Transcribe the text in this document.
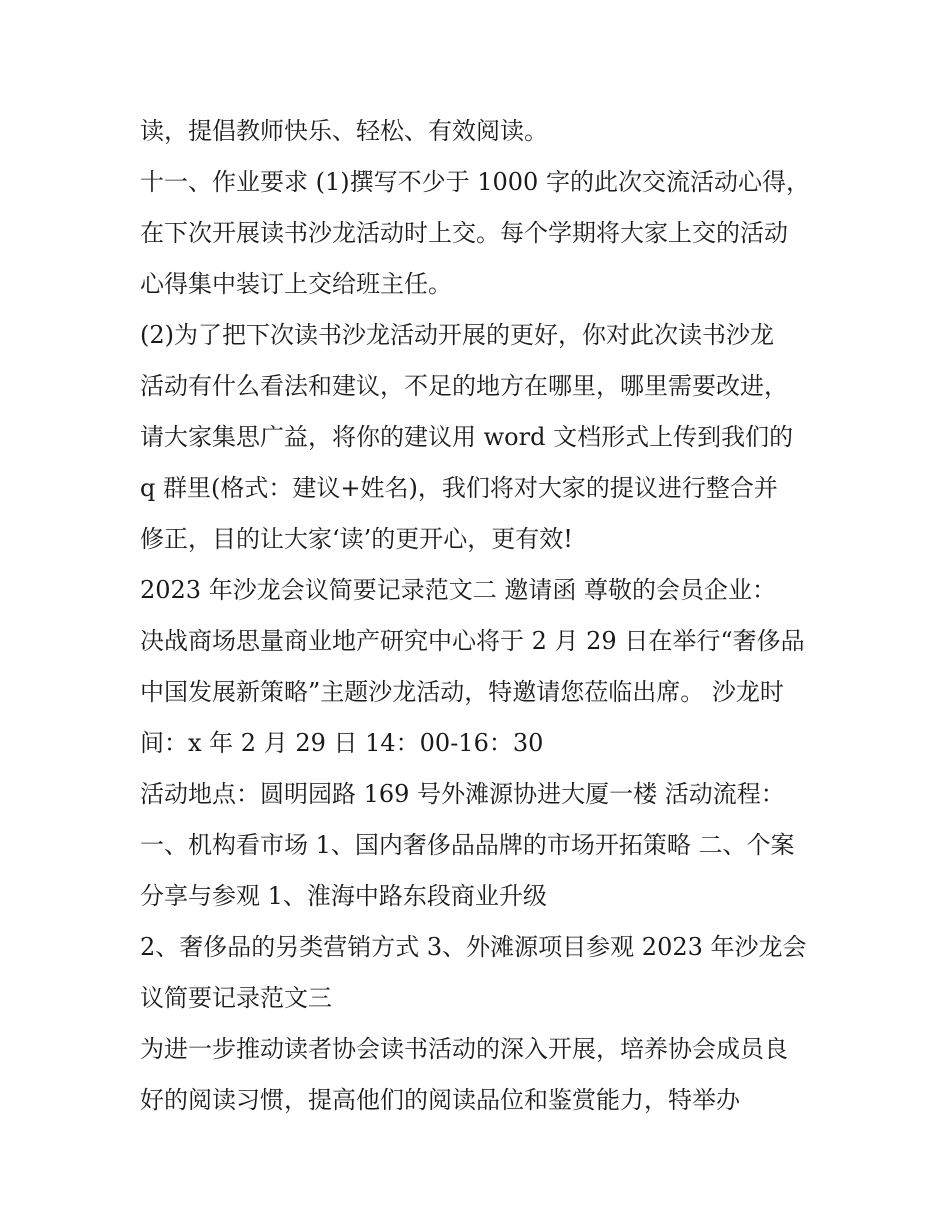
读，提倡教师快乐、轻松、有效阅读。

十一、作业要求 (1)撰写不少于 1000 字的此次交流活动心得，

在下次开展读书沙龙活动时上交。每个学期将大家上交的活动

心得集中装订上交给班主任。

(2)为了把下次读书沙龙活动开展的更好，你对此次读书沙龙

活动有什么看法和建议，不足的地方在哪里，哪里需要改进，

请大家集思广益，将你的建议用 word 文档形式上传到我们的

q 群里(格式：建议+姓名)，我们将对大家的提议进行整合并

修正，目的让大家‘读’的更开心，更有效!

2023 年沙龙会议简要记录范文二 邀请函 尊敬的会员企业：

决战商场思量商业地产研究中心将于 2 月 29 日在举行“奢侈品

中国发展新策略”主题沙龙活动，特邀请您莅临出席。 沙龙时

间：x 年 2 月 29 日 14：00-16：30

活动地点：圆明园路 169 号外滩源协进大厦一楼 活动流程：

一、机构看市场 1、国内奢侈品品牌的市场开拓策略 二、个案

分享与参观 1、淮海中路东段商业升级

2、奢侈品的另类营销方式 3、外滩源项目参观 2023 年沙龙会

议简要记录范文三

为进一步推动读者协会读书活动的深入开展，培养协会成员良

好的阅读习惯，提高他们的阅读品位和鉴赏能力，特举办
